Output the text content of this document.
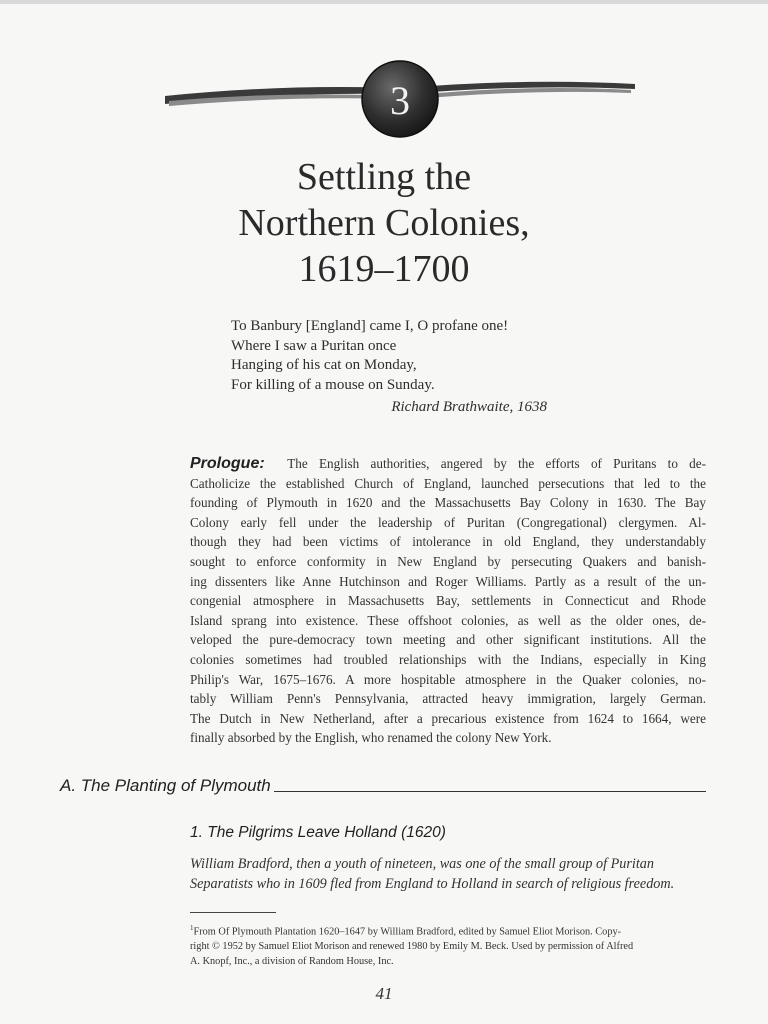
3
Settling the
Northern Colonies,
1619–1700
To Banbury [England] came I, O profane one!
Where I saw a Puritan once
Hanging of his cat on Monday,
For killing of a mouse on Sunday.
Richard Brathwaite, 1638
Prologue: The English authorities, angered by the efforts of Puritans to de-
Catholicize the established Church of England, launched persecutions that led to the
founding of Plymouth in 1620 and the Massachusetts Bay Colony in 1630. The Bay
Colony early fell under the leadership of Puritan (Congregational) clergymen. Al-
though they had been victims of intolerance in old England, they understandably
sought to enforce conformity in New England by persecuting Quakers and banish-
ing dissenters like Anne Hutchinson and Roger Williams. Partly as a result of the un-
congenial atmosphere in Massachusetts Bay, settlements in Connecticut and Rhode
Island sprang into existence. These offshoot colonies, as well as the older ones, de-
veloped the pure-democracy town meeting and other significant institutions. All the
colonies sometimes had troubled relationships with the Indians, especially in King
Philip's War, 1675–1676. A more hospitable atmosphere in the Quaker colonies, no-
tably William Penn's Pennsylvania, attracted heavy immigration, largely German.
The Dutch in New Netherland, after a precarious existence from 1624 to 1664, were
finally absorbed by the English, who renamed the colony New York.
A. The Planting of Plymouth
1. The Pilgrims Leave Holland (1620)
William Bradford, then a youth of nineteen, was one of the small group of Puritan
Separatists who in 1609 fled from England to Holland in search of religious freedom.
$^1$From Of Plymouth Plantation 1620–1647 by William Bradford, edited by Samuel Eliot Morison. Copy-
right © 1952 by Samuel Eliot Morison and renewed 1980 by Emily M. Beck. Used by permission of Alfred
A. Knopf, Inc., a division of Random House, Inc.
41
